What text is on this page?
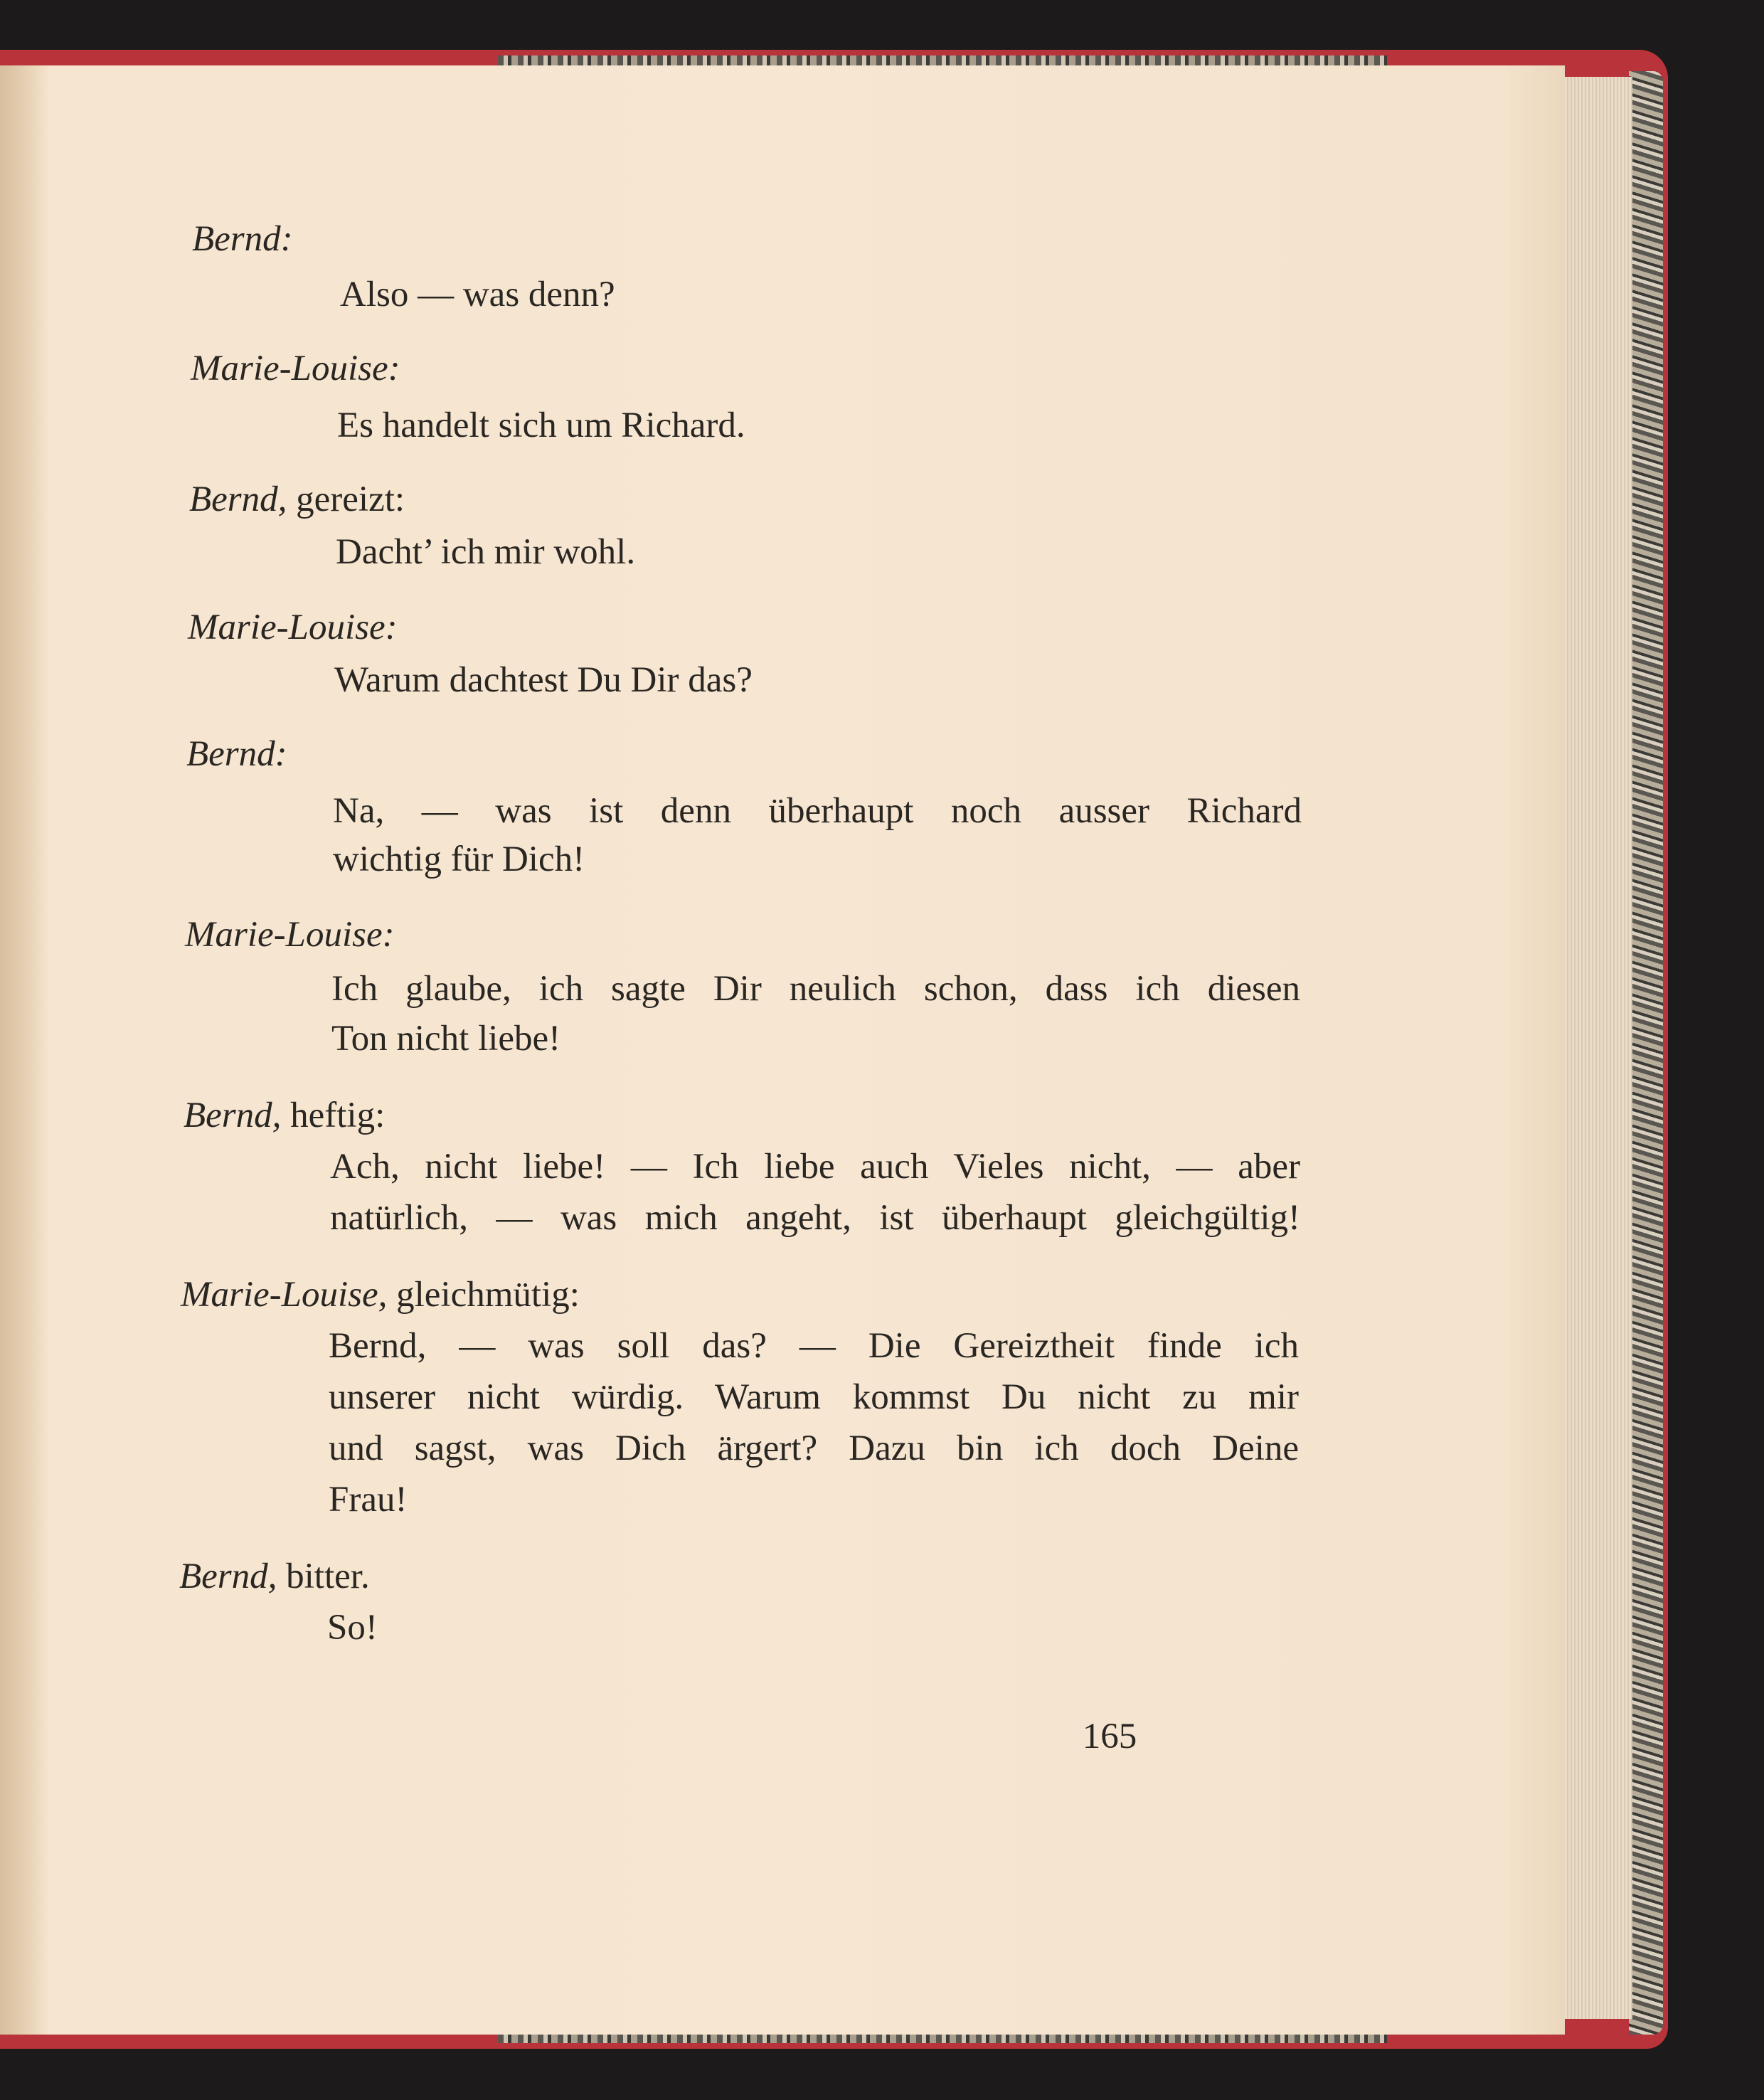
Bernd:
Also — was denn?
Marie-Louise:
Es handelt sich um Richard.
Bernd, gereizt:
Dacht’ ich mir wohl.
Marie-Louise:
Warum dachtest Du Dir das?
Bernd:
Na, — was ist denn überhaupt noch ausser Richard
wichtig für Dich!
Marie-Louise:
Ich glaube, ich sagte Dir neulich schon, dass ich diesen
Ton nicht liebe!
Bernd, heftig:
Ach, nicht liebe! — Ich liebe auch Vieles nicht, — aber
natürlich, — was mich angeht, ist überhaupt gleichgültig!
Marie-Louise, gleichmütig:
Bernd, — was soll das? — Die Gereiztheit finde ich
unserer nicht würdig. Warum kommst Du nicht zu mir
und sagst, was Dich ärgert? Dazu bin ich doch Deine
Frau!
Bernd, bitter.
So!
165
